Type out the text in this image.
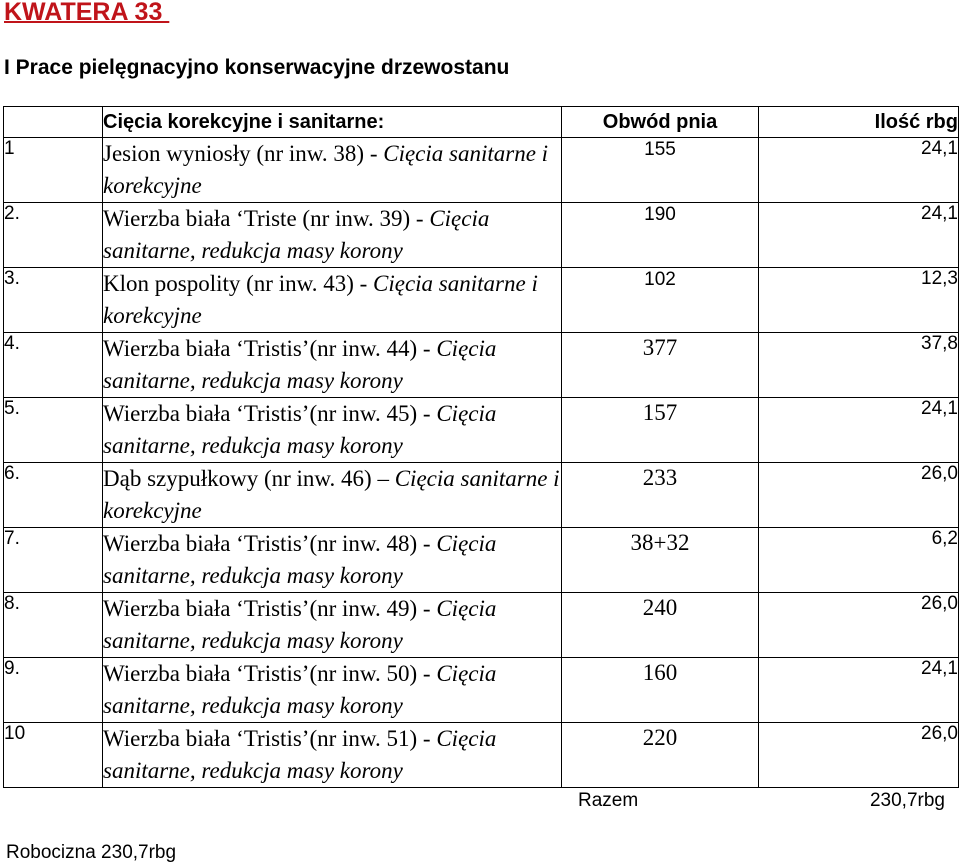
KWATERA 33
I Prace pielęgnacyjno konserwacyjne drzewostanu
	Cięcia korekcyjne i sanitarne:	Obwód pnia	Ilość rbg
1	Jesion wyniosły (nr inw. 38) - Cięcia sanitarne i korekcyjne	155	24,1
2.	Wierzba biała ‘Triste (nr inw. 39) - Cięcia sanitarne, redukcja masy korony	190	24,1
3.	Klon pospolity (nr inw. 43) - Cięcia sanitarne i korekcyjne	102	12,3
4.	Wierzba biała ‘Tristis’(nr inw. 44) - Cięcia sanitarne, redukcja masy korony	377	37,8
5.	Wierzba biała ‘Tristis’(nr inw. 45) - Cięcia sanitarne, redukcja masy korony	157	24,1
6.	Dąb szypułkowy (nr inw. 46) – Cięcia sanitarne i korekcyjne	233	26,0
7.	Wierzba biała ‘Tristis’(nr inw. 48) - Cięcia sanitarne, redukcja masy korony	38+32	6,2
8.	Wierzba biała ‘Tristis’(nr inw. 49) - Cięcia sanitarne, redukcja masy korony	240	26,0
9.	Wierzba biała ‘Tristis’(nr inw. 50) - Cięcia sanitarne, redukcja masy korony	160	24,1
10	Wierzba biała ‘Tristis’(nr inw. 51) - Cięcia sanitarne, redukcja masy korony	220	26,0
Razem	230,7rbg
Robocizna 230,7rbg
